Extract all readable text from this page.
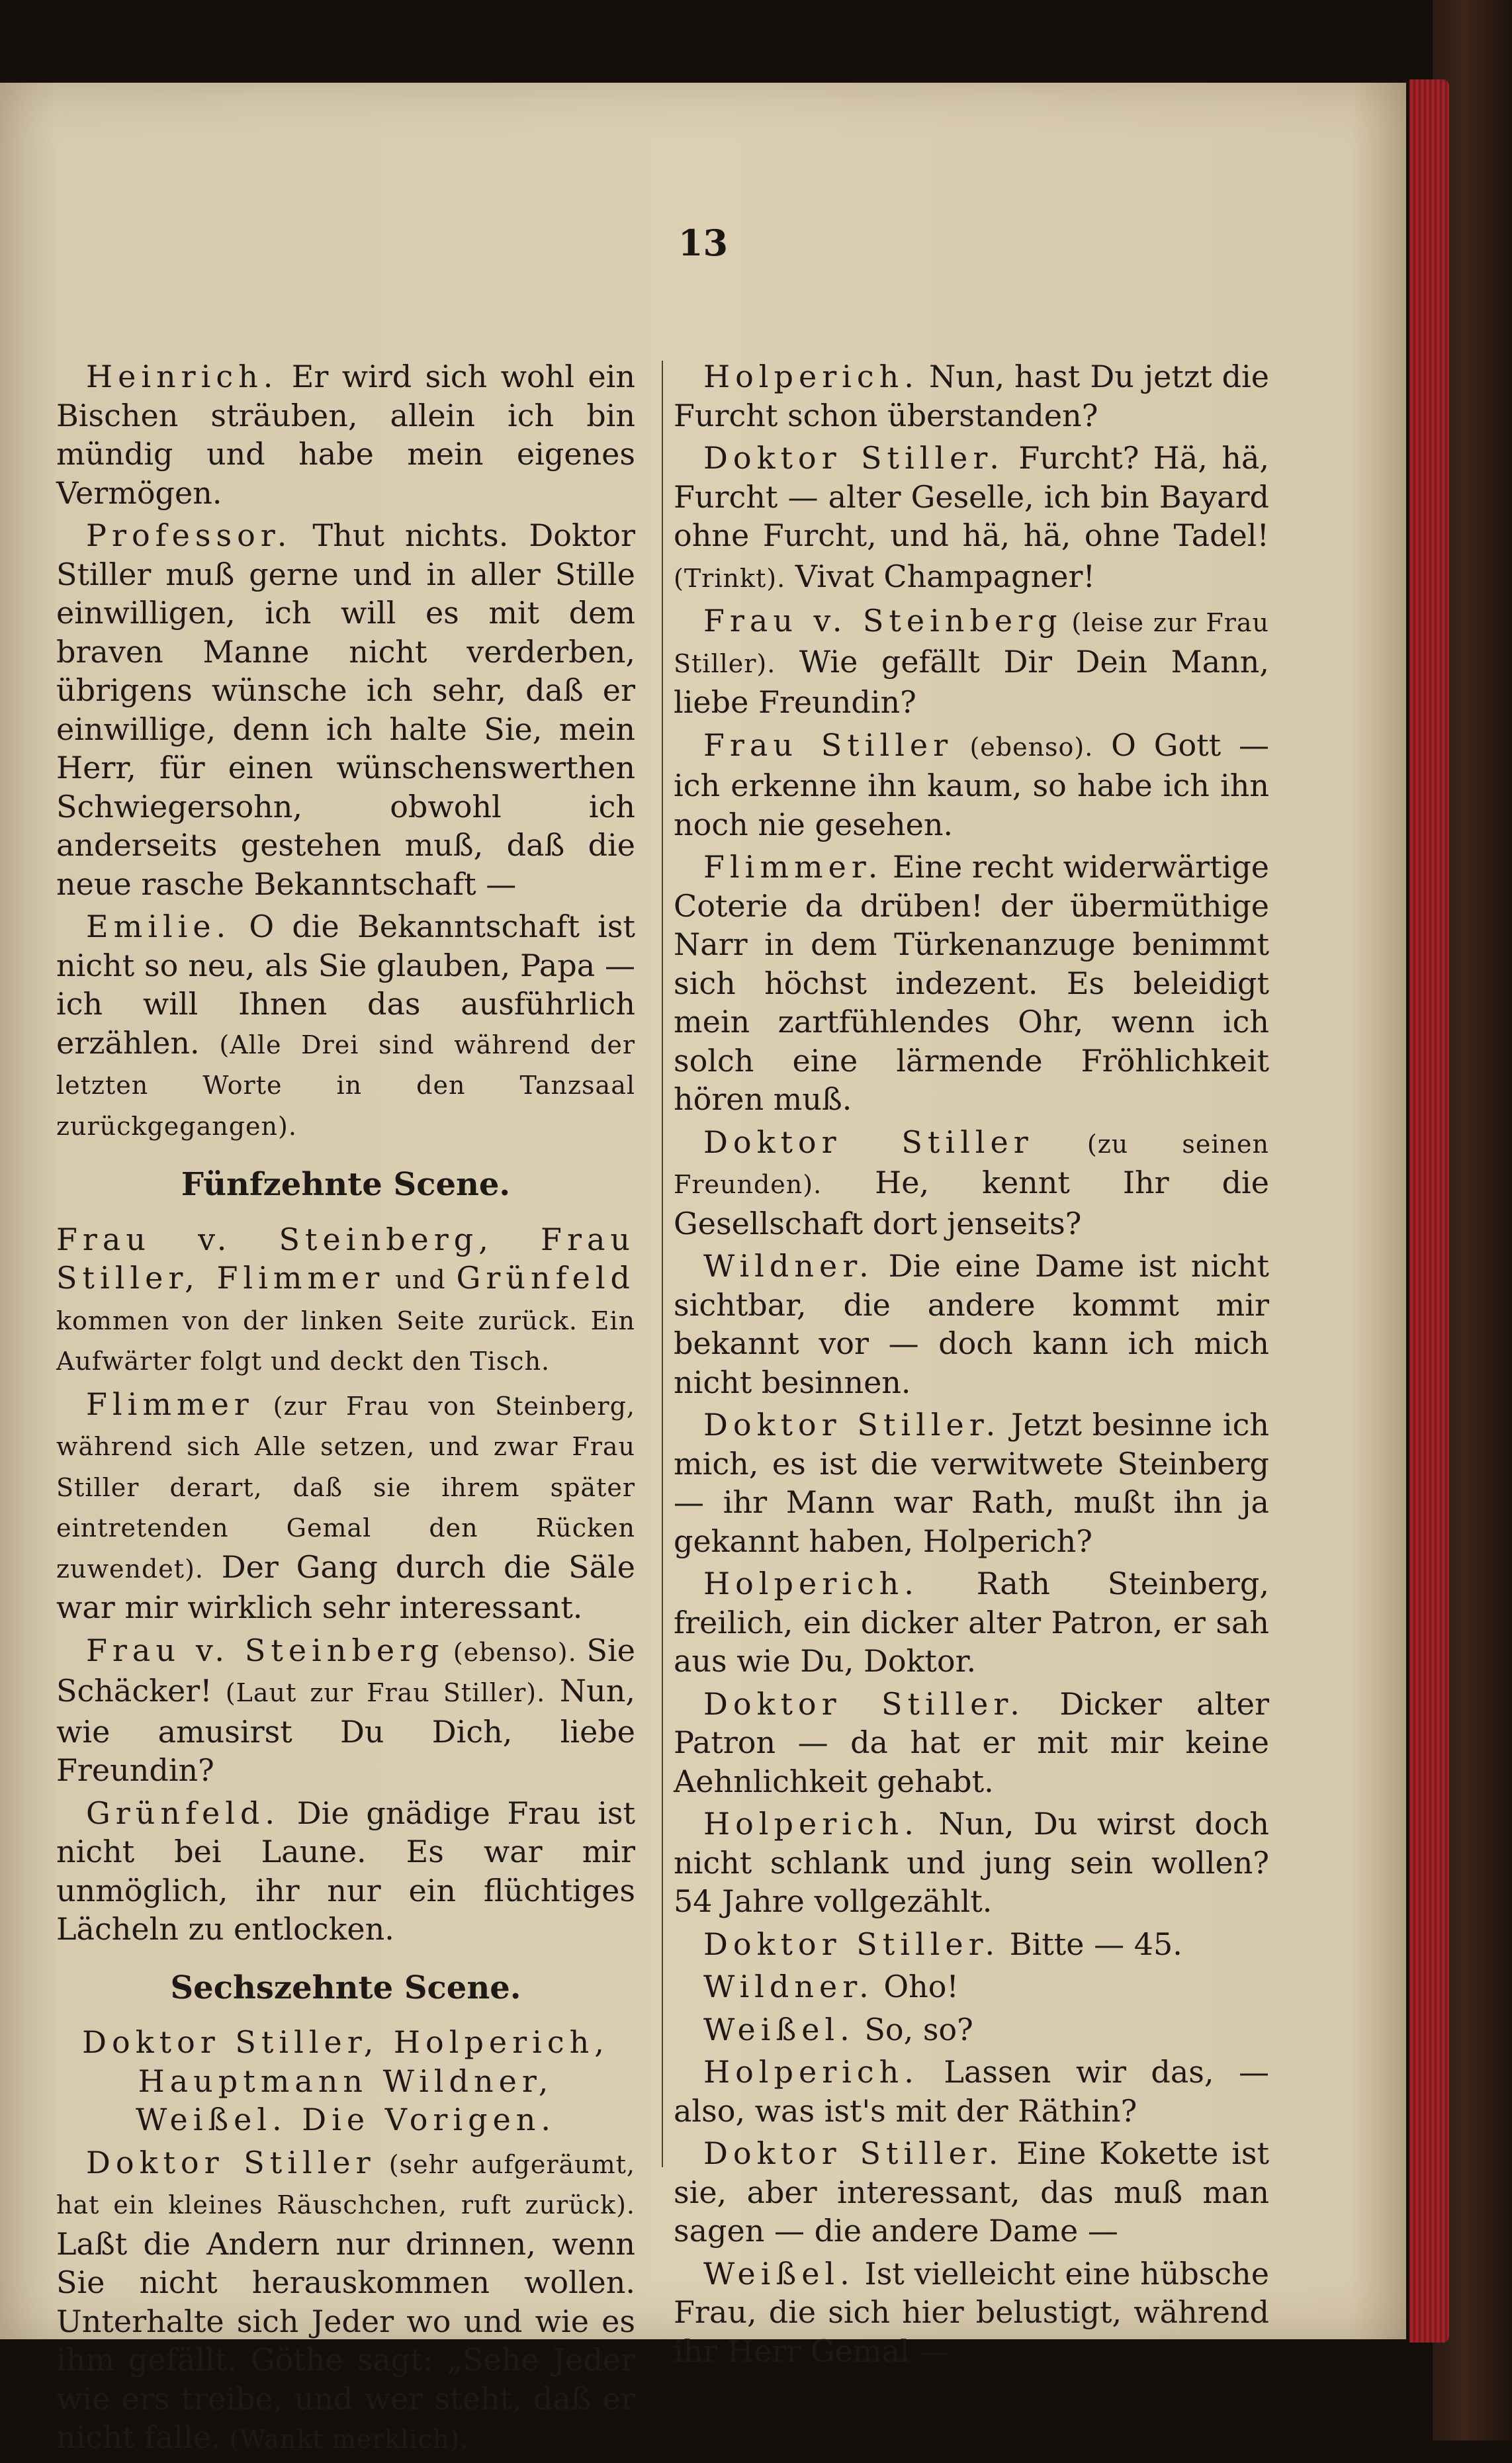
13

Heinrich. Er wird sich wohl ein Bischen sträuben, allein ich bin mündig und habe mein eigenes Vermögen.

Professor. Thut nichts. Doktor Stiller muß gerne und in aller Stille einwilligen, ich will es mit dem braven Manne nicht verderben, übrigens wünsche ich sehr, daß er einwillige, denn ich halte Sie, mein Herr, für einen wünschenswerthen Schwiegersohn, obwohl ich anderseits gestehen muß, daß die neue rasche Bekanntschaft —

Emilie. O die Bekanntschaft ist nicht so neu, als Sie glauben, Papa — ich will Ihnen das ausführlich erzählen. (Alle Drei sind während der letzten Worte in den Tanzsaal zurückgegangen).

Fünfzehnte Scene.

Frau v. Steinberg, Frau Stiller, Flimmer und Grünfeld kommen von der linken Seite zurück. Ein Aufwärter folgt und deckt den Tisch.

Flimmer (zur Frau von Steinberg, während sich Alle setzen, und zwar Frau Stiller derart, daß sie ihrem später eintretenden Gemal den Rücken zuwendet). Der Gang durch die Säle war mir wirklich sehr interessant.

Frau v. Steinberg (ebenso). Sie Schäcker! (Laut zur Frau Stiller). Nun, wie amusirst Du Dich, liebe Freundin?

Grünfeld. Die gnädige Frau ist nicht bei Laune. Es war mir unmöglich, ihr nur ein flüchtiges Lächeln zu entlocken.

Sechszehnte Scene.

Doktor Stiller, Holperich, Hauptmann Wildner, Weißel. Die Vorigen.

Doktor Stiller (sehr aufgeräumt, hat ein kleines Räuschchen, ruft zurück). Laßt die Andern nur drinnen, wenn Sie nicht herauskommen wollen. Unterhalte sich Jeder wo und wie es ihm gefällt. Göthe sagt: „Sehe Jeder wie ers treibe, und wer steht, daß er nicht falle. (Wankt merklich).

Holperich. Nun, hast Du jetzt die Furcht schon überstanden?

Doktor Stiller. Furcht? Hä, hä, Furcht — alter Geselle, ich bin Bayard ohne Furcht, und hä, hä, ohne Tadel! (Trinkt). Vivat Champagner!

Frau v. Steinberg (leise zur Frau Stiller). Wie gefällt Dir Dein Mann, liebe Freundin?

Frau Stiller (ebenso). O Gott — ich erkenne ihn kaum, so habe ich ihn noch nie gesehen.

Flimmer. Eine recht widerwärtige Coterie da drüben! der übermüthige Narr in dem Türkenanzuge benimmt sich höchst indezent. Es beleidigt mein zartfühlendes Ohr, wenn ich solch eine lärmende Fröhlichkeit hören muß.

Doktor Stiller (zu seinen Freunden). He, kennt Ihr die Gesellschaft dort jenseits?

Wildner. Die eine Dame ist nicht sichtbar, die andere kommt mir bekannt vor — doch kann ich mich nicht besinnen.

Doktor Stiller. Jetzt besinne ich mich, es ist die verwitwete Steinberg — ihr Mann war Rath, mußt ihn ja gekannt haben, Holperich?

Holperich. Rath Steinberg, freilich, ein dicker alter Patron, er sah aus wie Du, Doktor.

Doktor Stiller. Dicker alter Patron — da hat er mit mir keine Aehnlichkeit gehabt.

Holperich. Nun, Du wirst doch nicht schlank und jung sein wollen? 54 Jahre vollgezählt.

Doktor Stiller. Bitte — 45.

Wildner. Oho!

Weißel. So, so?

Holperich. Lassen wir das, — also, was ist's mit der Räthin?

Doktor Stiller. Eine Kokette ist sie, aber interessant, das muß man sagen — die andere Dame —

Weißel. Ist vielleicht eine hübsche Frau, die sich hier belustigt, während ihr Herr Gemal —
